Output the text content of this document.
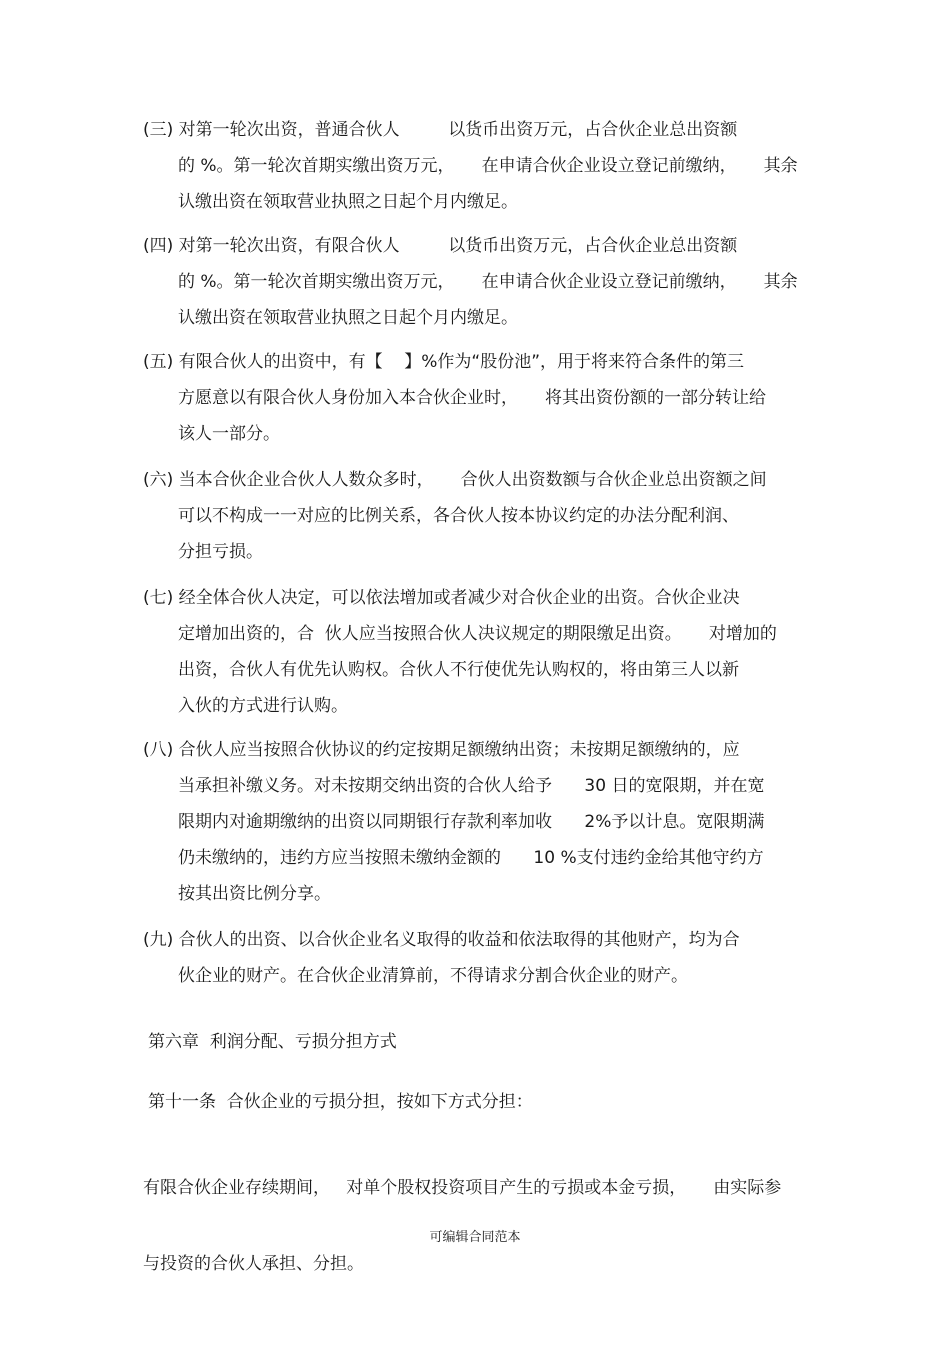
(三) 对第一轮次出资，普通合伙人         以货币出资万元，占合伙企业总出资额

的 %。第一轮次首期实缴出资万元，     在申请合伙企业设立登记前缴纳，     其余

认缴出资在领取营业执照之日起个月内缴足。

(四) 对第一轮次出资，有限合伙人         以货币出资万元，占合伙企业总出资额

的 %。第一轮次首期实缴出资万元，     在申请合伙企业设立登记前缴纳，     其余

认缴出资在领取营业执照之日起个月内缴足。

(五) 有限合伙人的出资中，有【    】%作为“股份池”，用于将来符合条件的第三

方愿意以有限合伙人身份加入本合伙企业时，     将其出资份额的一部分转让给

该人一部分。

(六) 当本合伙企业合伙人人数众多时，     合伙人出资数额与合伙企业总出资额之间

可以不构成一一对应的比例关系，各合伙人按本协议约定的办法分配利润、

分担亏损。

(七) 经全体合伙人决定，可以依法增加或者减少对合伙企业的出资。合伙企业决

定增加出资的，合  伙人应当按照合伙人决议规定的期限缴足出资。     对增加的

出资，合伙人有优先认购权。合伙人不行使优先认购权的，将由第三人以新

入伙的方式进行认购。

(八) 合伙人应当按照合伙协议的约定按期足额缴纳出资；未按期足额缴纳的，应

当承担补缴义务。对未按期交纳出资的合伙人给予      30 日的宽限期，并在宽

限期内对逾期缴纳的出资以同期银行存款利率加收      2%予以计息。宽限期满

仍未缴纳的，违约方应当按照未缴纳金额的      10 %支付违约金给其他守约方

按其出资比例分享。

(九) 合伙人的出资、以合伙企业名义取得的收益和依法取得的其他财产，均为合

伙企业的财产。在合伙企业清算前，不得请求分割合伙企业的财产。

第六章  利润分配、亏损分担方式
第十一条  合伙企业的亏损分担，按如下方式分担：

有限合伙企业存续期间，   对单个股权投资项目产生的亏损或本金亏损，     由实际参

与投资的合伙人承担、分担。

可编辑合同范本
